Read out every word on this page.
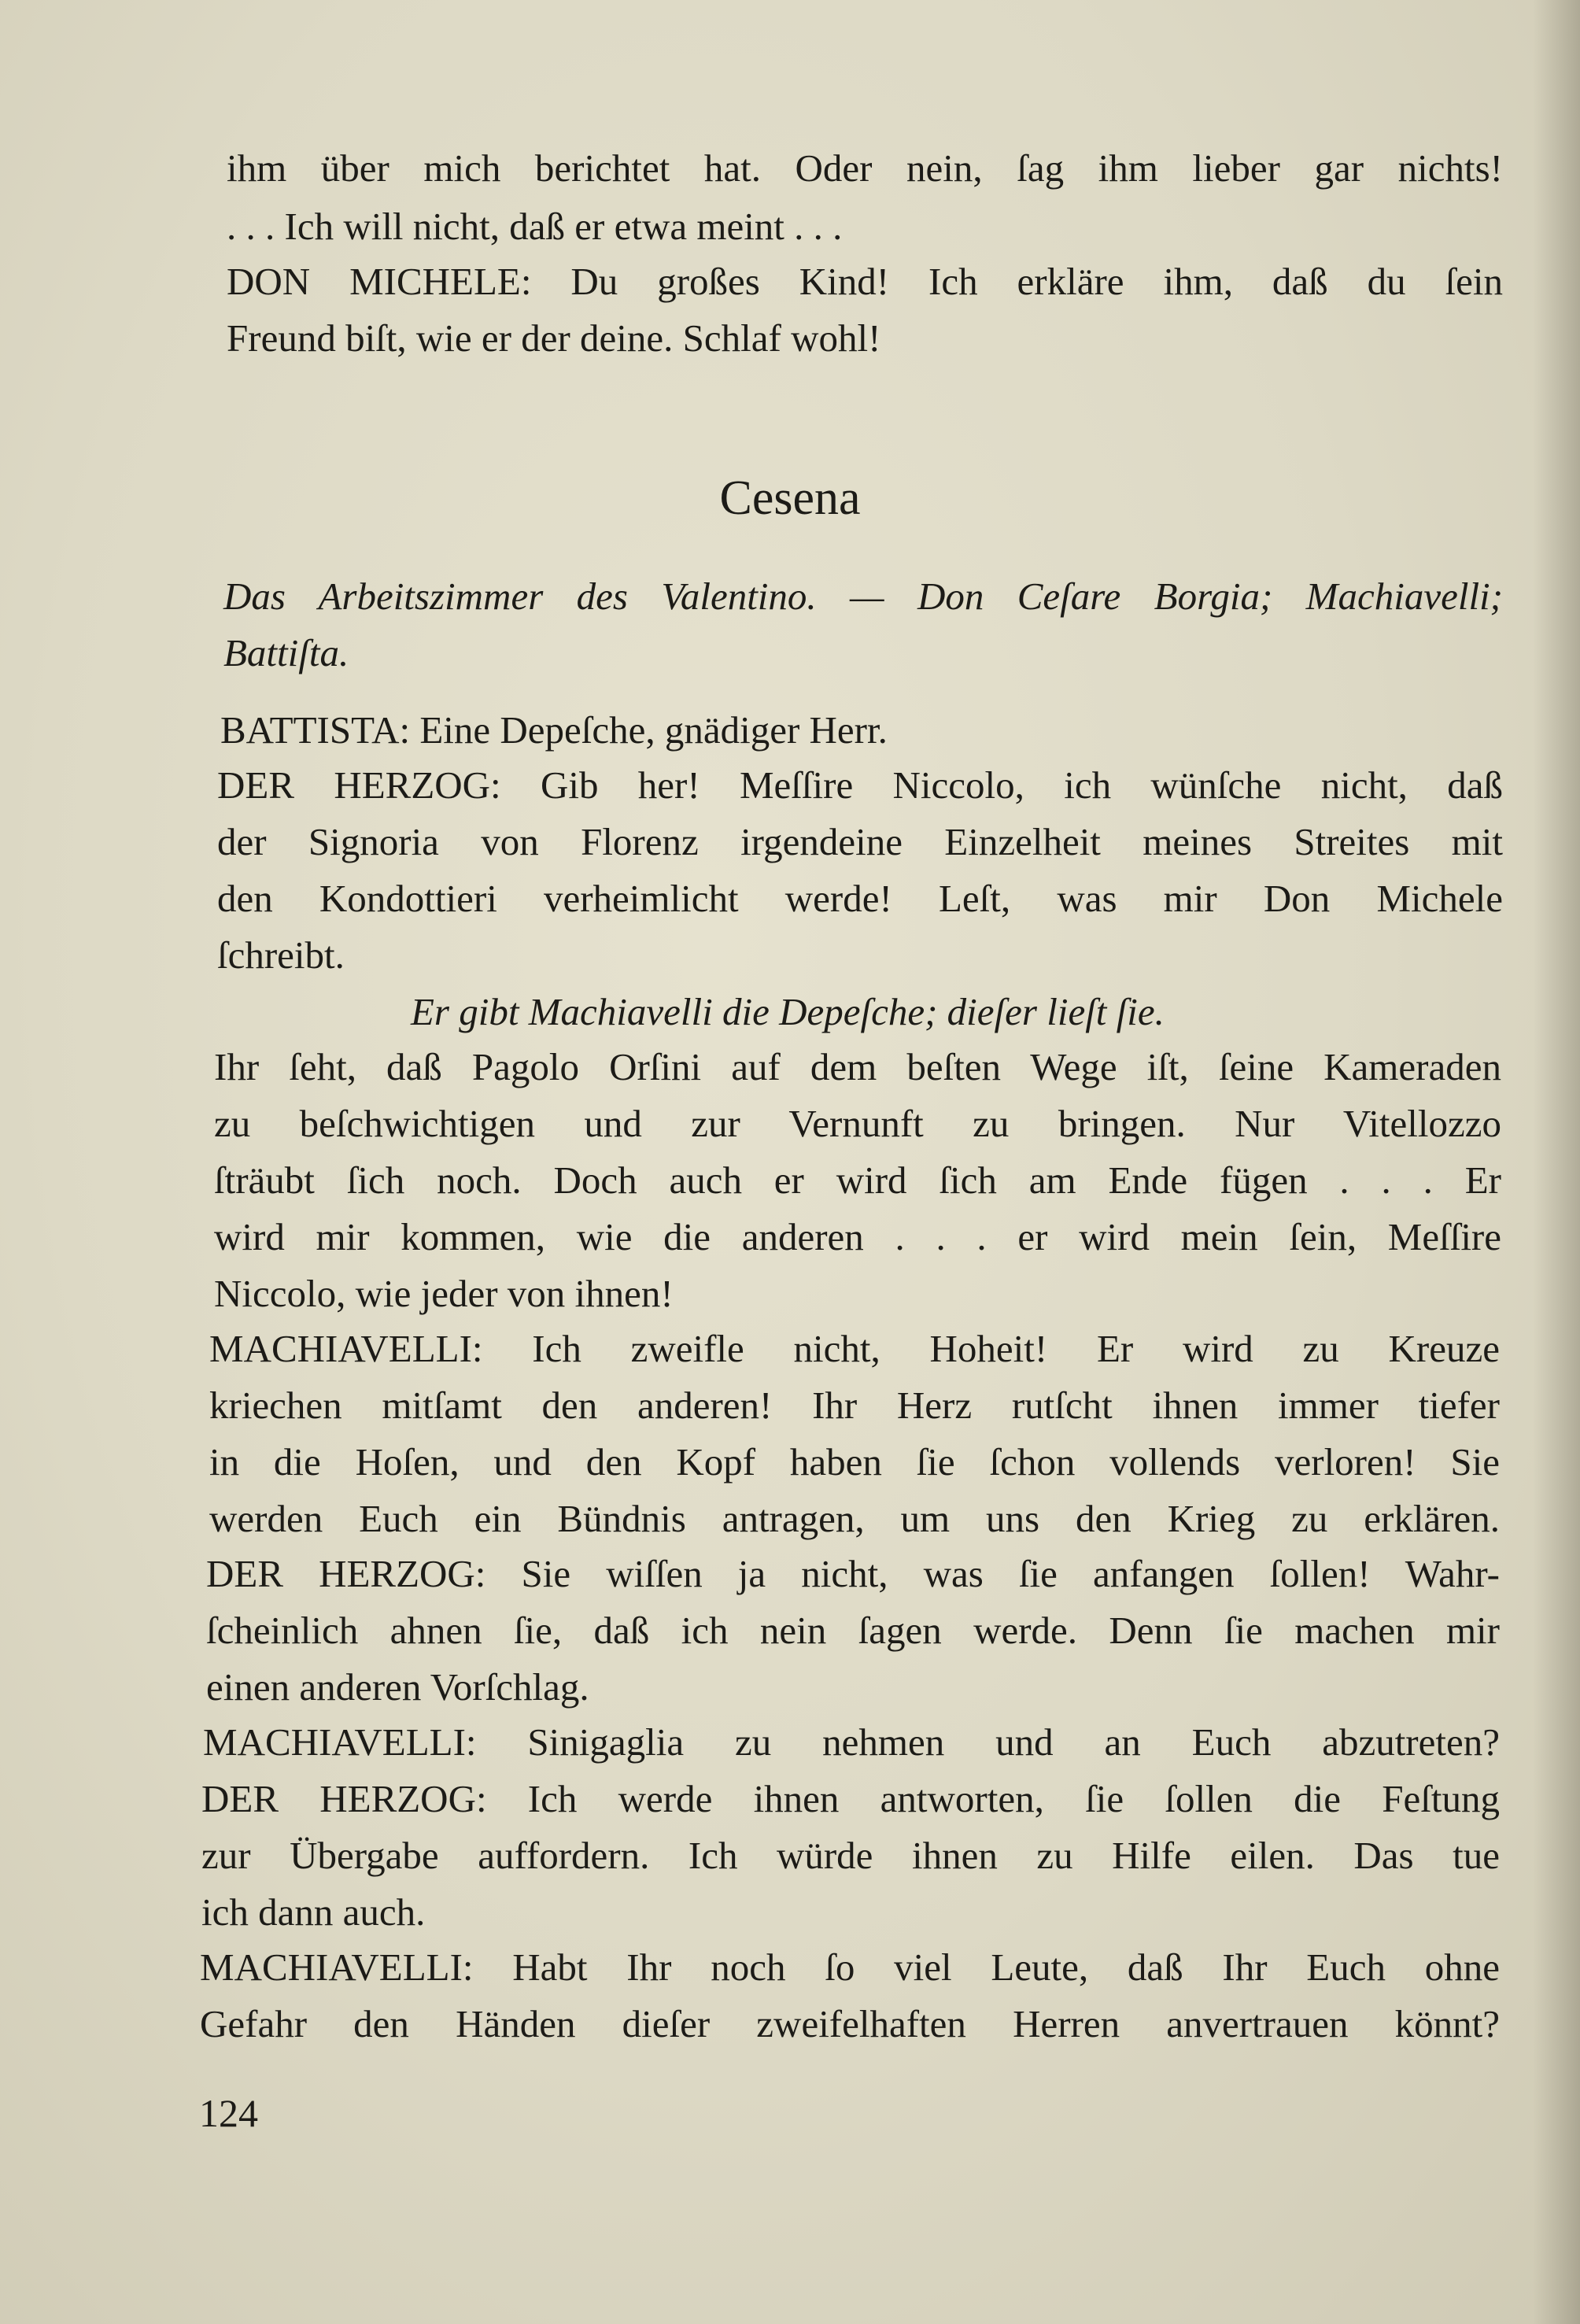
Cesena
ihm über mich berichtet hat. Oder nein, ſag ihm lieber gar nichts!
. . . Ich will nicht, daß er etwa meint . . .
DON MICHELE: Du großes Kind! Ich erkläre ihm, daß du ſein
Freund biſt, wie er der deine. Schlaf wohl!
Das Arbeitszimmer des Valentino. — Don Ceſare Borgia; Machiavelli;
Battiſta.
BATTISTA: Eine Depeſche, gnädiger Herr.
DER HERZOG: Gib her! Meſſire Niccolo, ich wünſche nicht, daß
der Signoria von Florenz irgendeine Einzelheit meines Streites mit
den Kondottieri verheimlicht werde! Leſt, was mir Don Michele
ſchreibt.
Er gibt Machiavelli die Depeſche; dieſer lieſt ſie.
Ihr ſeht, daß Pagolo Orſini auf dem beſten Wege iſt, ſeine Kameraden
zu beſchwichtigen und zur Vernunft zu bringen. Nur Vitellozzo
ſträubt ſich noch. Doch auch er wird ſich am Ende fügen . . . Er
wird mir kommen, wie die anderen . . . er wird mein ſein, Meſſire
Niccolo, wie jeder von ihnen!
MACHIAVELLI: Ich zweifle nicht, Hoheit! Er wird zu Kreuze
kriechen mitſamt den anderen! Ihr Herz rutſcht ihnen immer tiefer
in die Hoſen, und den Kopf haben ſie ſchon vollends verloren! Sie
werden Euch ein Bündnis antragen, um uns den Krieg zu erklären.
DER HERZOG: Sie wiſſen ja nicht, was ſie anfangen ſollen! Wahr-
ſcheinlich ahnen ſie, daß ich nein ſagen werde. Denn ſie machen mir
einen anderen Vorſchlag.
MACHIAVELLI: Sinigaglia zu nehmen und an Euch abzutreten?
DER HERZOG: Ich werde ihnen antworten, ſie ſollen die Feſtung
zur Übergabe auffordern. Ich würde ihnen zu Hilfe eilen. Das tue
ich dann auch.
MACHIAVELLI: Habt Ihr noch ſo viel Leute, daß Ihr Euch ohne
Gefahr den Händen dieſer zweifelhaften Herren anvertrauen könnt?
124
